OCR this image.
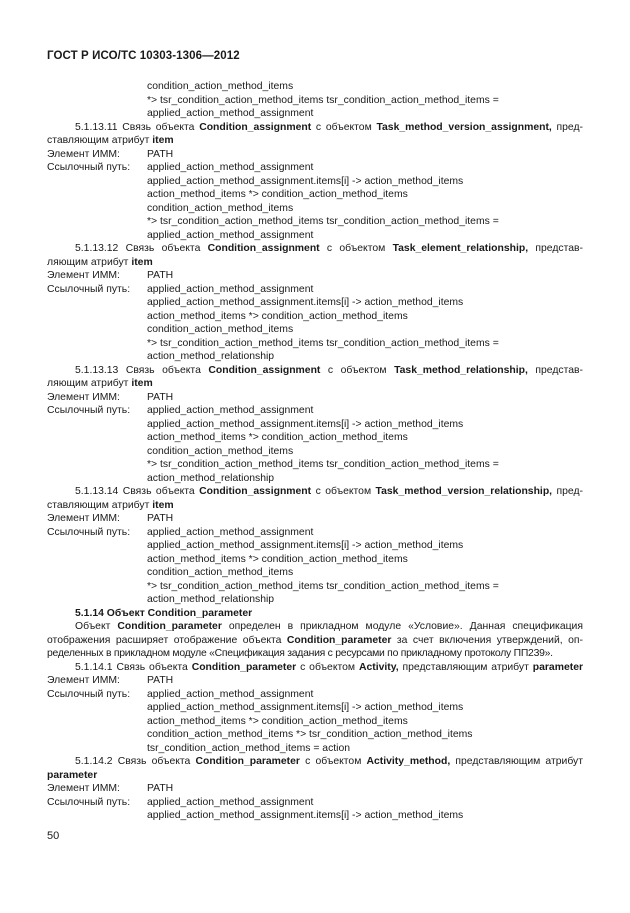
ГОСТ Р ИСО/ТС 10303-1306—2012
condition_action_method_items
*> tsr_condition_action_method_items tsr_condition_action_method_items =
applied_action_method_assignment
5.1.13.11 Связь объекта Condition_assignment с объектом Task_method_version_assignment, пред-
ставляющим атрибут item
Элемент ИММ:	PATH
Ссылочный путь: applied_action_method_assignment
applied_action_method_assignment.items[i] -> action_method_items
action_method_items *> condition_action_method_items
condition_action_method_items
*> tsr_condition_action_method_items tsr_condition_action_method_items =
applied_action_method_assignment
5.1.13.12 Связь объекта Condition_assignment с объектом Task_element_relationship, представ-
ляющим атрибут item
Элемент ИММ:	PATH
Ссылочный путь: applied_action_method_assignment
applied_action_method_assignment.items[i] -> action_method_items
action_method_items *> condition_action_method_items
condition_action_method_items
*> tsr_condition_action_method_items tsr_condition_action_method_items =
action_method_relationship
5.1.13.13 Связь объекта Condition_assignment с объектом Task_method_relationship, представ-
ляющим атрибут item
Элемент ИММ:	PATH
Ссылочный путь: applied_action_method_assignment
applied_action_method_assignment.items[i] -> action_method_items
action_method_items *> condition_action_method_items
condition_action_method_items
*> tsr_condition_action_method_items tsr_condition_action_method_items =
action_method_relationship
5.1.13.14 Связь объекта Condition_assignment с объектом Task_method_version_relationship, пред-
ставляющим атрибут item
Элемент ИММ:	PATH
Ссылочный путь: applied_action_method_assignment
applied_action_method_assignment.items[i] -> action_method_items
action_method_items *> condition_action_method_items
condition_action_method_items
*> tsr_condition_action_method_items tsr_condition_action_method_items =
action_method_relationship
5.1.14 Объект Condition_parameter
Объект Condition_parameter определен в прикладном модуле «Условие». Данная спецификация
отображения расширяет отображение объекта Condition_parameter за счет включения утверждений, оп-
ределенных в прикладном модуле «Спецификация задания с ресурсами по прикладному протоколу ПП239».
5.1.14.1 Связь объекта Condition_parameter с объектом Activity, представляющим атрибут parameter
Элемент ИММ:	PATH
Ссылочный путь: applied_action_method_assignment
applied_action_method_assignment.items[i] -> action_method_items
action_method_items *> condition_action_method_items
condition_action_method_items *> tsr_condition_action_method_items
tsr_condition_action_method_items = action
5.1.14.2 Связь объекта Condition_parameter с объектом Activity_method, представляющим атрибут
parameter
Элемент ИММ:	PATH
Ссылочный путь: applied_action_method_assignment
applied_action_method_assignment.items[i] -> action_method_items
50
